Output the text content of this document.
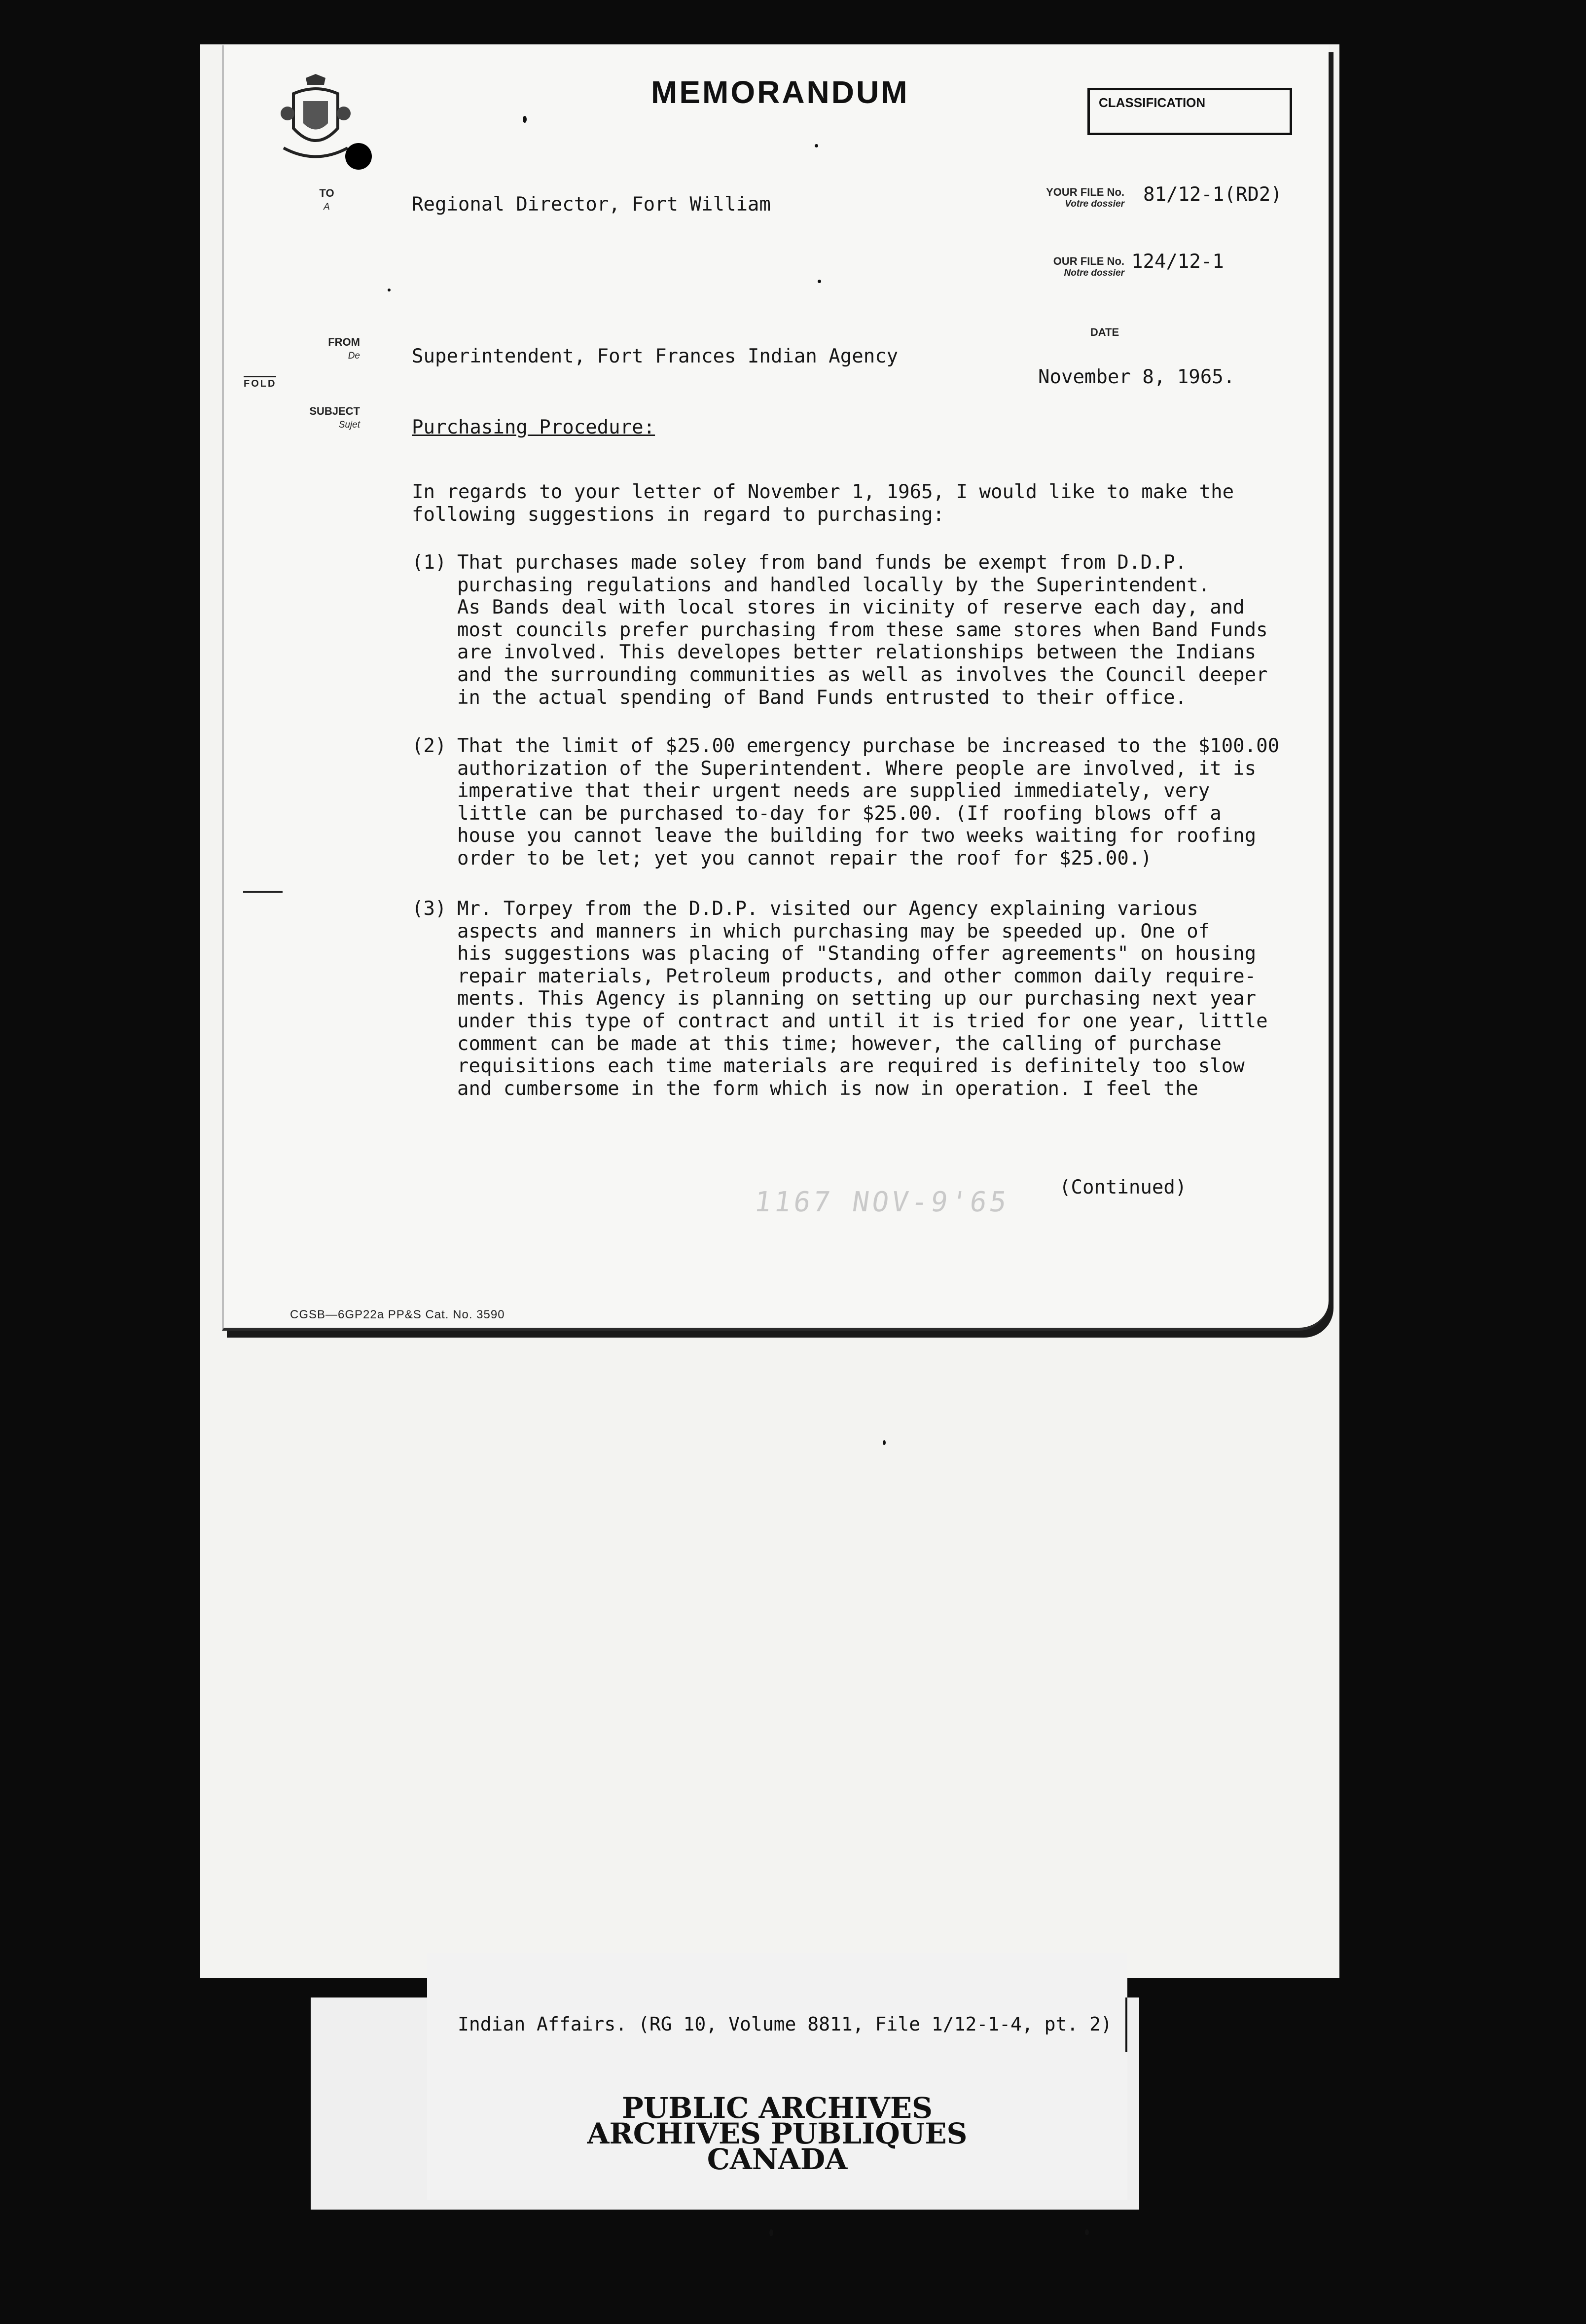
MEMORANDUM	CLASSIFICATION
TO
A	Regional Director, Fort William
YOUR FILE No.
Votre dossier 81/12-1(RD2)
OUR FILE No.
Notre dossier
124/12-1
FROM
De	Superintendent, Fort Frances Indian Agency
DATE
November 8, 1965.
FOLD
SUBJECT
Sujet	Purchasing Procedure:
In regards to your letter of November 1, 1965, I would like to make the
following suggestions in regard to purchasing:
(1) That purchases made soley from band funds be exempt from D.D.P.
purchasing regulations and handled locally by the Superintendent.
As Bands deal with local stores in vicinity of reserve each day, and
most councils prefer purchasing from these same stores when Band Funds
are involved. This developes better relationships between the Indians
and the surrounding communities as well as involves the Council deeper
in the actual spending of Band Funds entrusted to their office.
(2) That the limit of $25.00 emergency purchase be increased to the $100.00
authorization of the Superintendent. Where people are involved, it is
imperative that their urgent needs are supplied immediately, very
little can be purchased to-day for $25.00. (If roofing blows off a
house you cannot leave the building for two weeks waiting for roofing
order to be let; yet you cannot repair the roof for $25.00.)
(3) Mr. Torpey from the D.D.P. visited our Agency explaining various
aspects and manners in which purchasing may be speeded up. One of
his suggestions was placing of "Standing offer agreements" on housing
repair materials, Petroleum products, and other common daily require-
ments. This Agency is planning on setting up our purchasing next year
under this type of contract and until it is tried for one year, little
comment can be made at this time; however, the calling of purchase
requisitions each time materials are required is definitely too slow
and cumbersome in the form which is now in operation. I feel the
(Continued)
1167 NOV-9'65
CGSB—6GP22a PP&S Cat. No. 3590
PUBLIC ARCHIVES
ARCHIVES PUBLIQUES
CANADA
Indian Affairs. (RG 10, Volume 8811, File 1/12-1-4, pt. 2)
